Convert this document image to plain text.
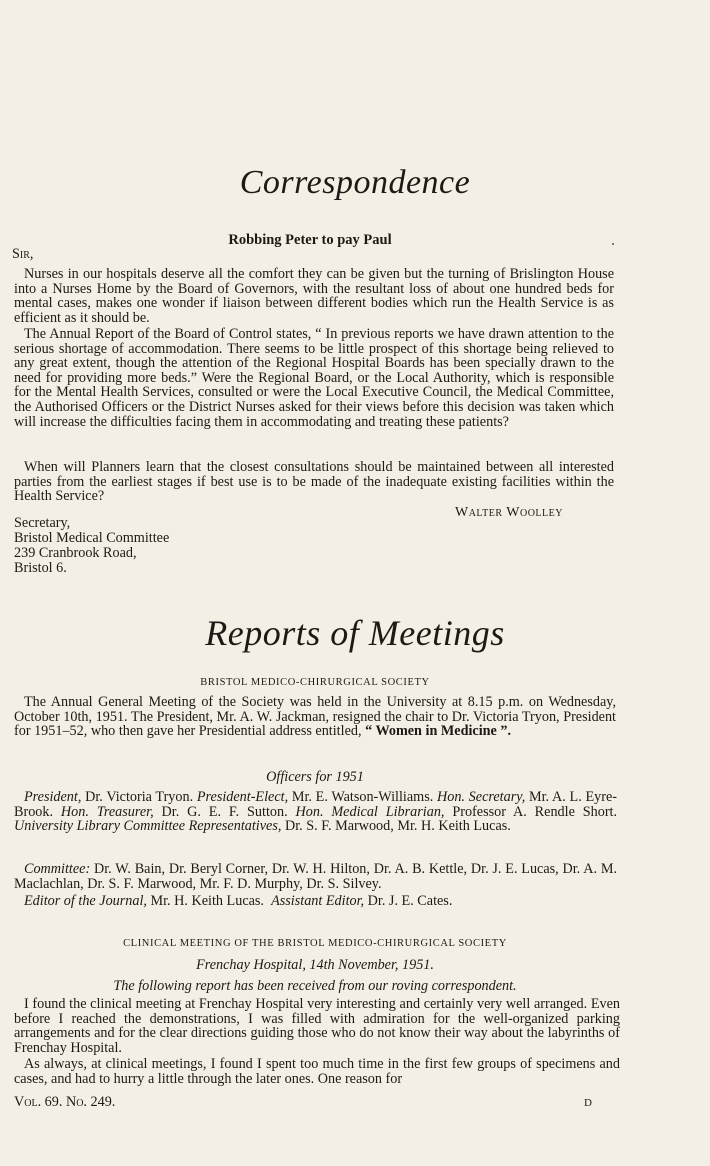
Correspondence
Robbing Peter to pay Paul
Sir,

Nurses in our hospitals deserve all the comfort they can be given but the turning of Brislington House into a Nurses Home by the Board of Governors, with the resultant loss of about one hundred beds for mental cases, makes one wonder if liaison between different bodies which run the Health Service is as efficient as it should be.

The Annual Report of the Board of Control states, “ In previous reports we have drawn attention to the serious shortage of accommodation. There seems to be little prospect of this shortage being relieved to any great extent, though the attention of the Regional Hospital Boards has been specially drawn to the need for providing more beds.” Were the Regional Board, or the Local Authority, which is responsible for the Mental Health Services, consulted or were the Local Executive Council, the Medical Committee, the Authorised Officers or the District Nurses asked for their views before this decision was taken which will increase the difficulties facing them in accommodating and treating these patients?

When will Planners learn that the closest consultations should be maintained between all interested parties from the earliest stages if best use is to be made of the inadequate existing facilities within the Health Service?

Walter Woolley
Secretary,
Bristol Medical Committee
239 Cranbrook Road,
Bristol 6.
Reports of Meetings
BRISTOL MEDICO-CHIRURGICAL SOCIETY

The Annual General Meeting of the Society was held in the University at 8.15 p.m. on Wednesday, October 10th, 1951. The President, Mr. A. W. Jackman, resigned the chair to Dr. Victoria Tryon, President for 1951–52, who then gave her Presidential address entitled, “ Women in Medicine ”.

Officers for 1951

President, Dr. Victoria Tryon. President-Elect, Mr. E. Watson-Williams. Hon. Secretary, Mr. A. L. Eyre-Brook. Hon. Treasurer, Dr. G. E. F. Sutton. Hon. Medical Librarian, Professor A. Rendle Short. University Library Committee Representatives, Dr. S. F. Marwood, Mr. H. Keith Lucas.

Committee: Dr. W. Bain, Dr. Beryl Corner, Dr. W. H. Hilton, Dr. A. B. Kettle, Dr. J. E. Lucas, Dr. A. M. Maclachlan, Dr. S. F. Marwood, Mr. F. D. Murphy, Dr. S. Silvey.

Editor of the Journal, Mr. H. Keith Lucas. Assistant Editor, Dr. J. E. Cates.

CLINICAL MEETING OF THE BRISTOL MEDICO-CHIRURGICAL SOCIETY
Frenchay Hospital, 14th November, 1951.
The following report has been received from our roving correspondent.

I found the clinical meeting at Frenchay Hospital very interesting and certainly very well arranged. Even before I reached the demonstrations, I was filled with admiration for the well-organized parking arrangements and for the clear directions guiding those who do not know their way about the labyrinths of Frenchay Hospital.

As always, at clinical meetings, I found I spent too much time in the first few groups of specimens and cases, and had to hurry a little through the later ones. One reason for

Vol. 69. No. 249.	D
